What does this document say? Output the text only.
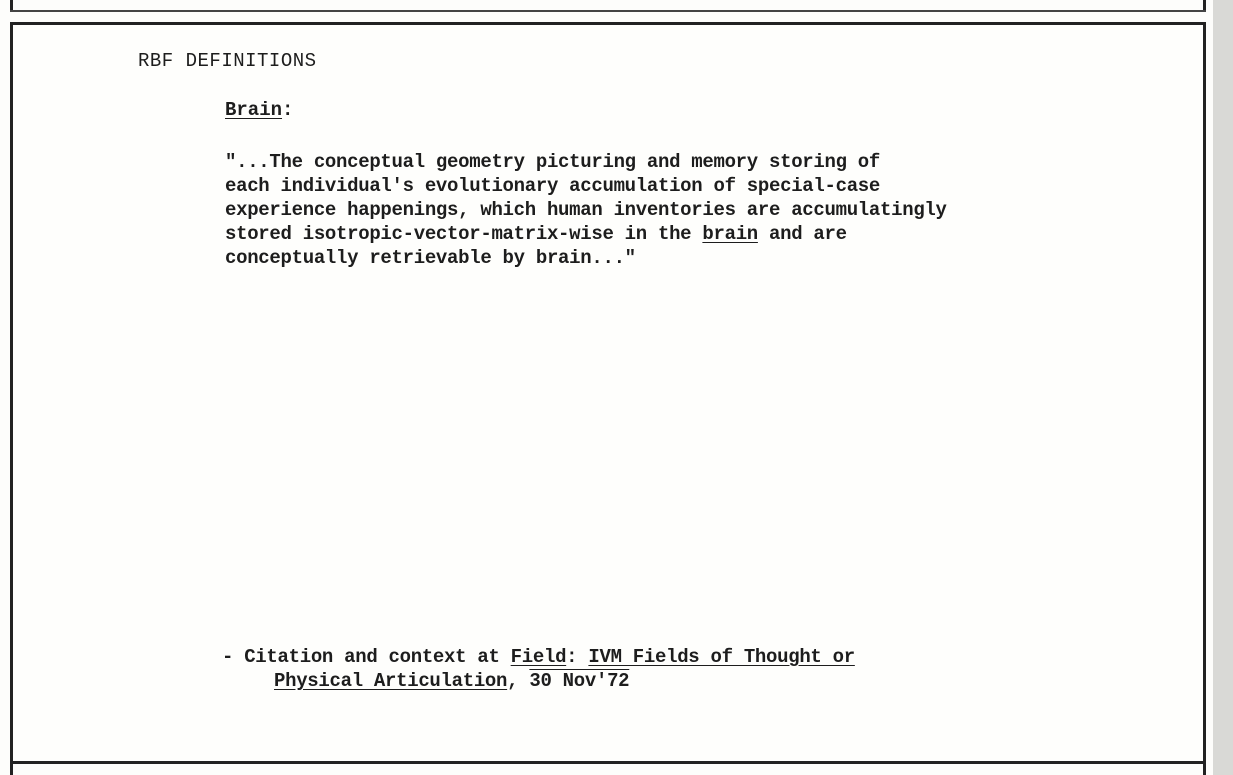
RBF DEFINITIONS

Brain:

"...The conceptual geometry picturing and memory storing of
each individual's evolutionary accumulation of special-case
experience happenings, which human inventories are accumulatingly
stored isotropic-vector-matrix-wise in the brain and are
conceptually retrievable by brain..."

- Citation and context at Field: IVM Fields of Thought or
Physical Articulation, 30 Nov'72
